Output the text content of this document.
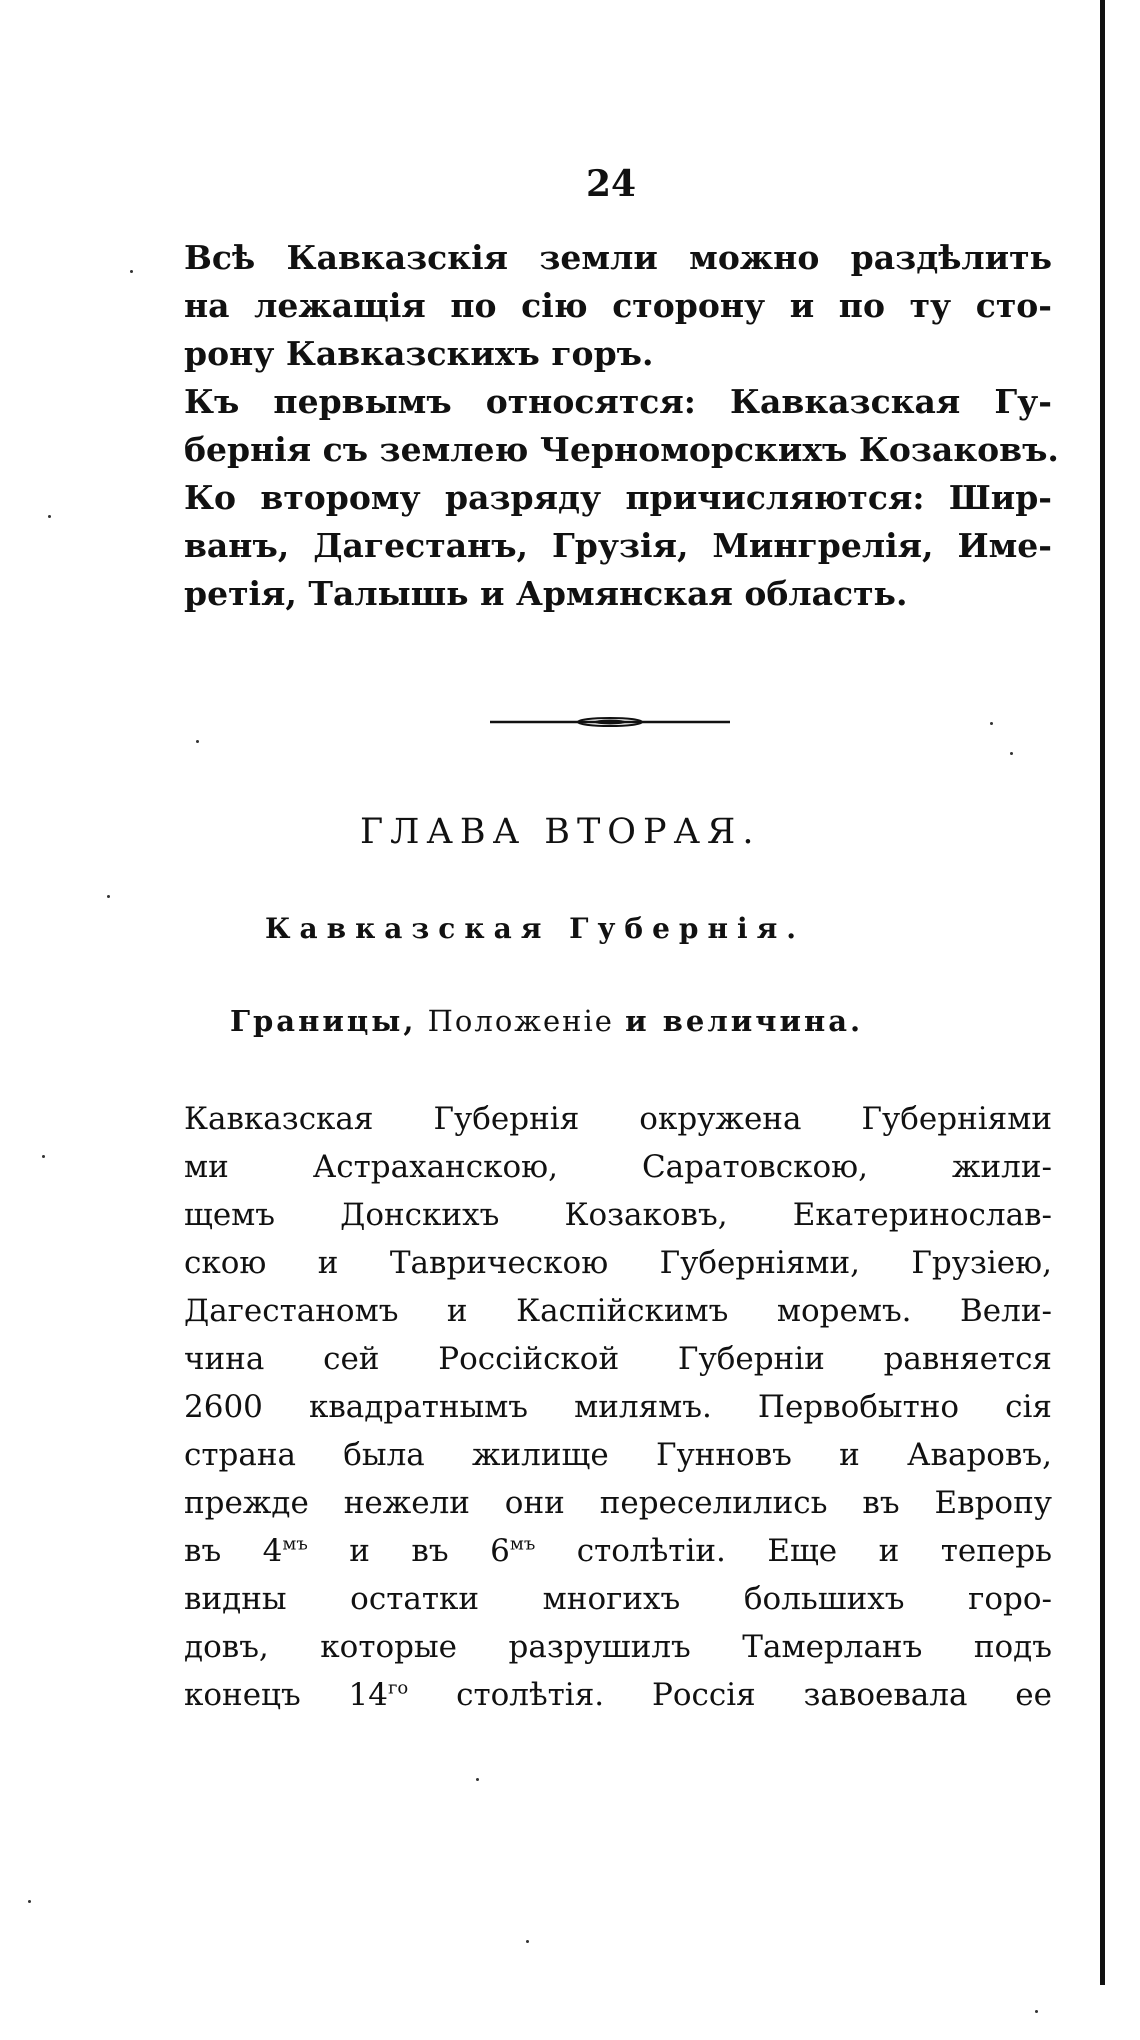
24
Всѣ Кавказскія земли можно раздѣлить
на лежащія по сію сторону и по ту сто-
рону Кавказскихъ горъ.
Къ первымъ относятся: Кавказская Гу-
бернія съ землею Черноморскихъ Козаковъ.
Ко второму разряду причисляются: Шир-
ванъ, Дагестанъ, Грузія, Мингрелія, Име-
ретія, Талышь и Армянская область.
ГЛАВА ВТОРАЯ.
Кавказская Губернія.
Границы, Положеніе и величина.
Кавказская Губернія окружена Губерніями
ми Астраханскою, Саратовскою, жили-
щемъ Донскихъ Козаковъ, Екатеринослав-
скою и Таврическою Губерніями, Грузіею,
Дагестаномъ и Каспійскимъ моремъ. Вели-
чина сей Россійской Губерніи равняется
2600 квадратнымъ милямъ. Первобытно сія
страна была жилище Гунновъ и Аваровъ,
прежде нежели они переселились въ Европу
въ $4^{мъ}$ и въ $6^{мъ}$ столѣтіи. Еще и теперь
видны остатки многихъ большихъ горо-
довъ, которые разрушилъ Тамерланъ подъ
конецъ $14^{го}$ столѣтія. Россія завоевала ее
